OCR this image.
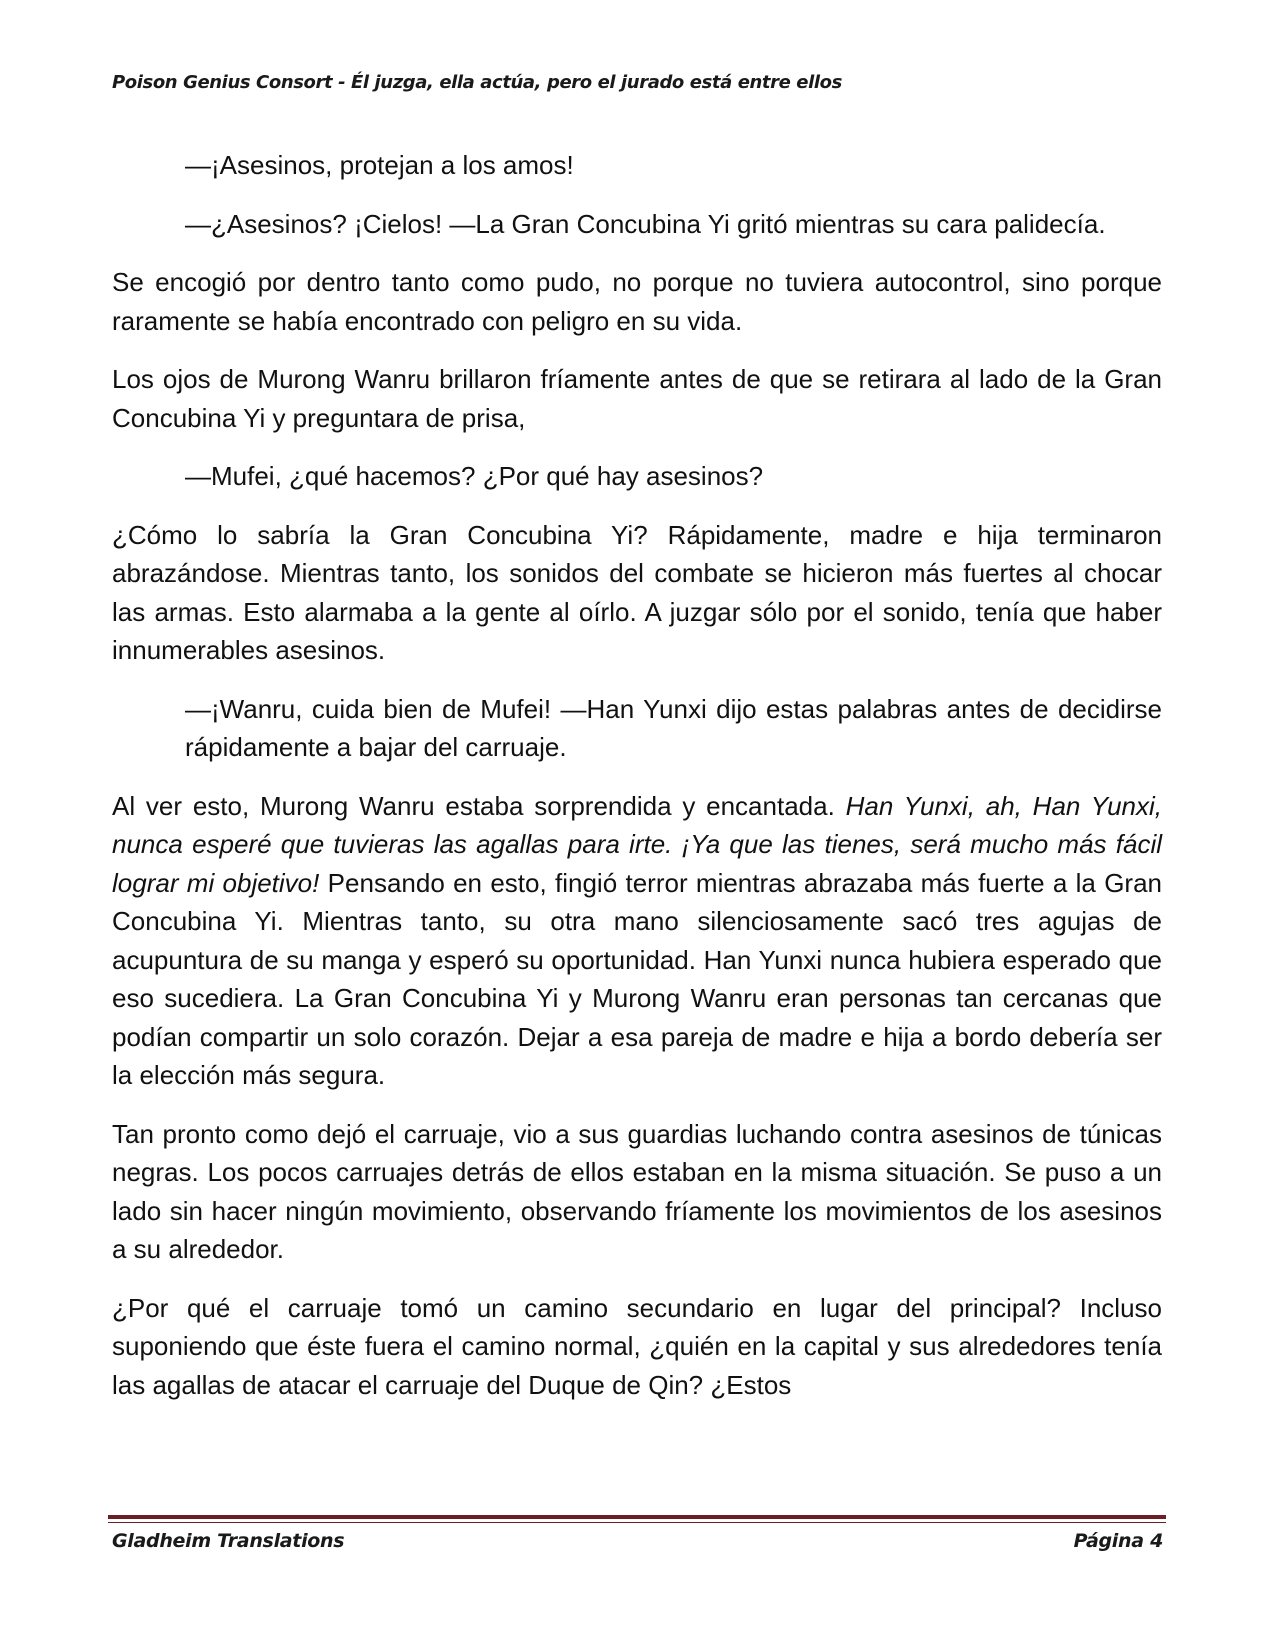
Poison Genius Consort - Él juzga, ella actúa, pero el jurado está entre ellos

—¡Asesinos, protejan a los amos!

—¿Asesinos? ¡Cielos! —La Gran Concubina Yi gritó mientras su cara palidecía.

Se encogió por dentro tanto como pudo, no porque no tuviera autocontrol, sino porque raramente se había encontrado con peligro en su vida.

Los ojos de Murong Wanru brillaron fríamente antes de que se retirara al lado de la Gran Concubina Yi y preguntara de prisa,

—Mufei, ¿qué hacemos? ¿Por qué hay asesinos?

¿Cómo lo sabría la Gran Concubina Yi? Rápidamente, madre e hija terminaron abrazándose. Mientras tanto, los sonidos del combate se hicieron más fuertes al chocar las armas. Esto alarmaba a la gente al oírlo. A juzgar sólo por el sonido, tenía que haber innumerables asesinos.

—¡Wanru, cuida bien de Mufei! —Han Yunxi dijo estas palabras antes de decidirse rápidamente a bajar del carruaje.

Al ver esto, Murong Wanru estaba sorprendida y encantada. Han Yunxi, ah, Han Yunxi, nunca esperé que tuvieras las agallas para irte. ¡Ya que las tienes, será mucho más fácil lograr mi objetivo! Pensando en esto, fingió terror mientras abrazaba más fuerte a la Gran Concubina Yi. Mientras tanto, su otra mano silenciosamente sacó tres agujas de acupuntura de su manga y esperó su oportunidad. Han Yunxi nunca hubiera esperado que eso sucediera. La Gran Concubina Yi y Murong Wanru eran personas tan cercanas que podían compartir un solo corazón. Dejar a esa pareja de madre e hija a bordo debería ser la elección más segura.

Tan pronto como dejó el carruaje, vio a sus guardias luchando contra asesinos de túnicas negras. Los pocos carruajes detrás de ellos estaban en la misma situación. Se puso a un lado sin hacer ningún movimiento, observando fríamente los movimientos de los asesinos a su alrededor.

¿Por qué el carruaje tomó un camino secundario en lugar del principal? Incluso suponiendo que éste fuera el camino normal, ¿quién en la capital y sus alrededores tenía las agallas de atacar el carruaje del Duque de Qin? ¿Estos

Gladheim Translations	Página 4
